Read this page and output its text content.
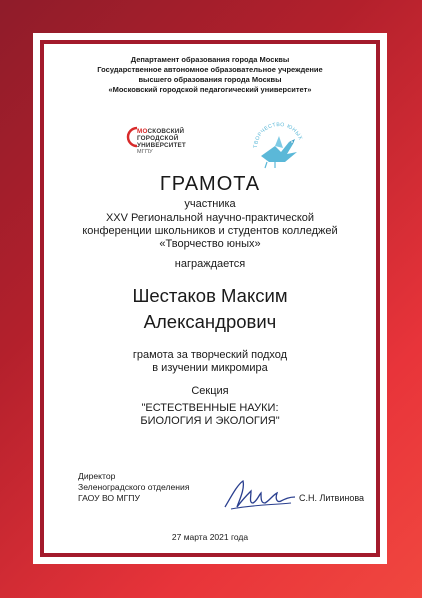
Департамент образования города Москвы
Государственное автономное образовательное учреждение
высшего образования города Москвы
«Московский городской педагогический университет»
МОСКОВСКИЙ
ГОРОДСКОЙ
УНИВЕРСИТЕТ
МГПУ
ТВОРЧЕСТВО ЮНЫХ
ГРАМОТА
участника
XXV Региональной научно-практической
конференции школьников и студентов колледжей
«Творчество юных»
награждается
Шестаков Максим
Александрович
грамота за творческий подход
в изучении микромира
Секция
"ЕСТЕСТВЕННЫЕ НАУКИ:
БИОЛОГИЯ И ЭКОЛОГИЯ"
Директор
Зеленоградского отделения
ГАОУ ВО МГПУ	С.Н. Литвинова
27 марта 2021 года
